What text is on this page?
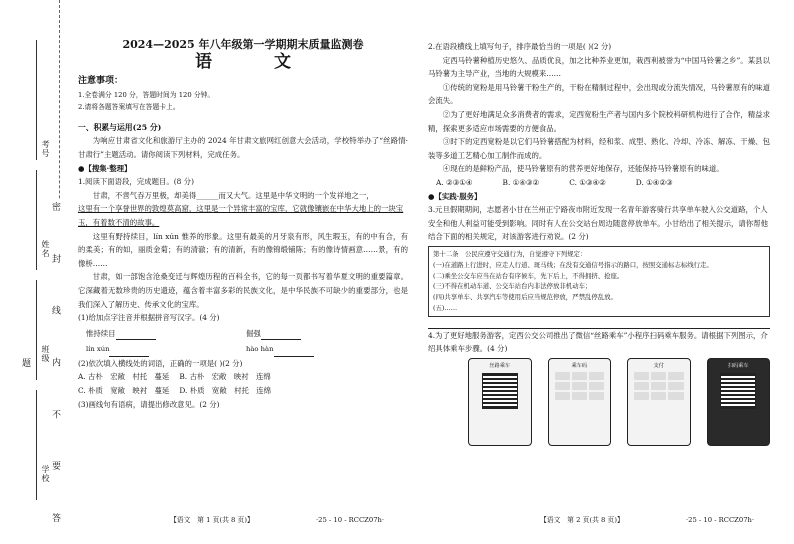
考号
密 封 线 内 不 要 答 题
2024—2025 年八年级第一学期期末质量监测卷
语 文
注意事项：
1.全卷满分 120 分，答题时间为 120 分钟。
2.请将各题答案填写在答题卡上。
一、积累与运用(25 分)
为响应甘肃省文化和旅游厅主办的 2024 年甘肃文旅网红创意大会活动，学校特举办了“丝路情·甘肃行”主题活动。请你阅读下列材料，完成任务。
●【搜集·整理】
1.阅读下面语段，完成题目。(8 分)
甘肃，不啻气吞万里极，却美得______而又大气。这里是中华文明的一个发祥地之一，
这里有一个享誉世界的敦煌莫高窟，这里是一个异常丰富的宝库，它就像镶嵌在中华大地上的一块宝玉，有着数不清的故事。
这里有野持续目，lín xún 惟养的形象。这里有最美的月牙泉有形，风生瑕玉，有的中有合，有的柔美；有的如，丽质金菊；有的清澈；有的清新，有的像锦缎铺陈；有的像诗情画意……景，有的像桥……
甘肃，如一部饱含沧桑变迁与辉煌历程的百科全书，它的每一页都书写着华夏文明的重要篇章。它深藏着无数珍贵的历史遗迹，蕴含着丰富多彩的民族文化，是中华民族不可缺少的重要部分，也是我们深入了解历史、传承文化的宝库。
(1)给加点字注音并根据拼音写汉字。(4 分)
惟持续目	倔强
lín xún	hào hàn
(2)依次填入横线处的词语，正确的一项是( )(2 分)
A. 古朴　宏敞　村托　蔓延 B. 古朴　宏敞　映衬　连绵
C. 朴质　宽敞　映衬　蔓延 D. 朴质　宽敞　村托　连绵
(3)画线句有语病，请提出修改意见。(2 分)
【语文　第 1 页(共 8 页)】	·25 - 10 - RCCZ07h·
2.在语段横线上填写句子，排序最恰当的一项是( )(2 分)
定西马铃薯种植历史悠久、品质优良，加之比种养业更加，栽西利被誉为“中国马铃薯之乡”。某县以马铃薯为主导产业，当地的大规模来……
①传统的宽粉是用马铃薯干粉生产的，干粉在精制过程中，会出现或分流失情况，马铃薯原有的味道会流失。
②为了更好地满足众多消费者的需求，定西宽粉生产者与国内多个院校科研机构进行了合作，精益求精，探索更多适应市场需要的方便食品。
③时下的定西宽粉是以它们马铃薯搭配为材料，经和浆、成型、熟化、冷却、冷冻、解冻、干燥、包装等多道工艺精心加工制作而成的。
④现在的是鲜粉产品，使马铃薯原有的营养更好地保存，还能保持马铃薯原有的味道。
A. ②③①④	B. ①④③②	C. ①③④②	D. ①④②③
●【实践·服务】
3.元旦假期期间，志愿者小甘在兰州正宁路夜市附近发现一名青年游客骑行共享单车驶入公交道路，个人安全和他人利益可能受到影响。同时有人在公交站台周边随意停放单车。小甘给出了相关提示，请你帮他结合下面的相关规定，对该游客进行劝说。(2 分)
第十二条　公民应遵守交通行为，自觉遵守下列规定：
(一)在道路上行进时，应走人行道、斑马线；在没有交通信号指示的路口，按照交通标志标线行走。
(二)乘坐公交车应当在站台有序候车，先下后上，不得拥挤、抢座。
(三)不得在机动车道、公交车站台内非法停放非机动车；
(四)共享单车、共享汽车等使用后应当规范停放，严禁乱停乱放。
(五)……
4.为了更好地服务游客，定西公交公司推出了微信“丝路乘车”小程序扫码乘车服务。请根据下列图示，介绍具体乘车步骤。(4 分)
丝路乘车	乘车码	支付	扫码乘车
【语文　第 2 页(共 8 页)】	·25 - 10 - RCCZ07h·
